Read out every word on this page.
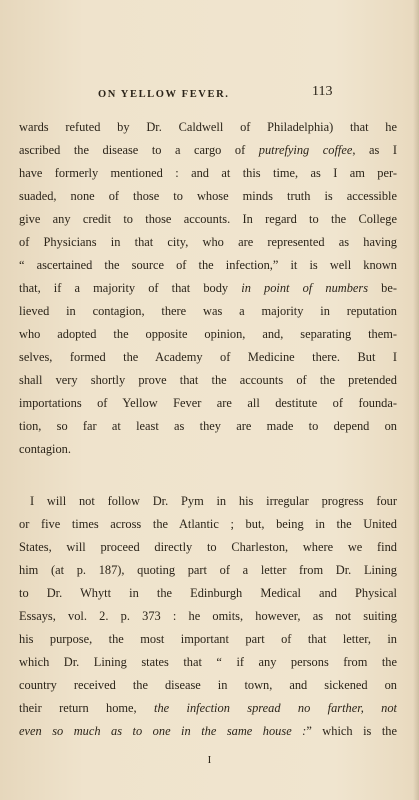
ON YELLOW FEVER.	113
wards refuted by Dr. Caldwell of Philadelphia) that he
ascribed the disease to a cargo of putrefying coffee, as I
have formerly mentioned : and at this time, as I am per-
suaded, none of those to whose minds truth is accessible
give any credit to those accounts. In regard to the College
of Physicians in that city, who are represented as having
“ ascertained the source of the infection,” it is well known
that, if a majority of that body in point of numbers be-
lieved in contagion, there was a majority in reputation
who adopted the opposite opinion, and, separating them-
selves, formed the Academy of Medicine there. But I
shall very shortly prove that the accounts of the pretended
importations of Yellow Fever are all destitute of founda-
tion, so far at least as they are made to depend on
contagion.
I will not follow Dr. Pym in his irregular progress four
or five times across the Atlantic ; but, being in the United
States, will proceed directly to Charleston, where we find
him (at p. 187), quoting part of a letter from Dr. Lining
to Dr. Whytt in the Edinburgh Medical and Physical
Essays, vol. 2. p. 373 : he omits, however, as not suiting
his purpose, the most important part of that letter, in
which Dr. Lining states that “ if any persons from the
country received the disease in town, and sickened on
their return home, the infection spread no farther, not
even so much as to one in the same house :” which is the
I
